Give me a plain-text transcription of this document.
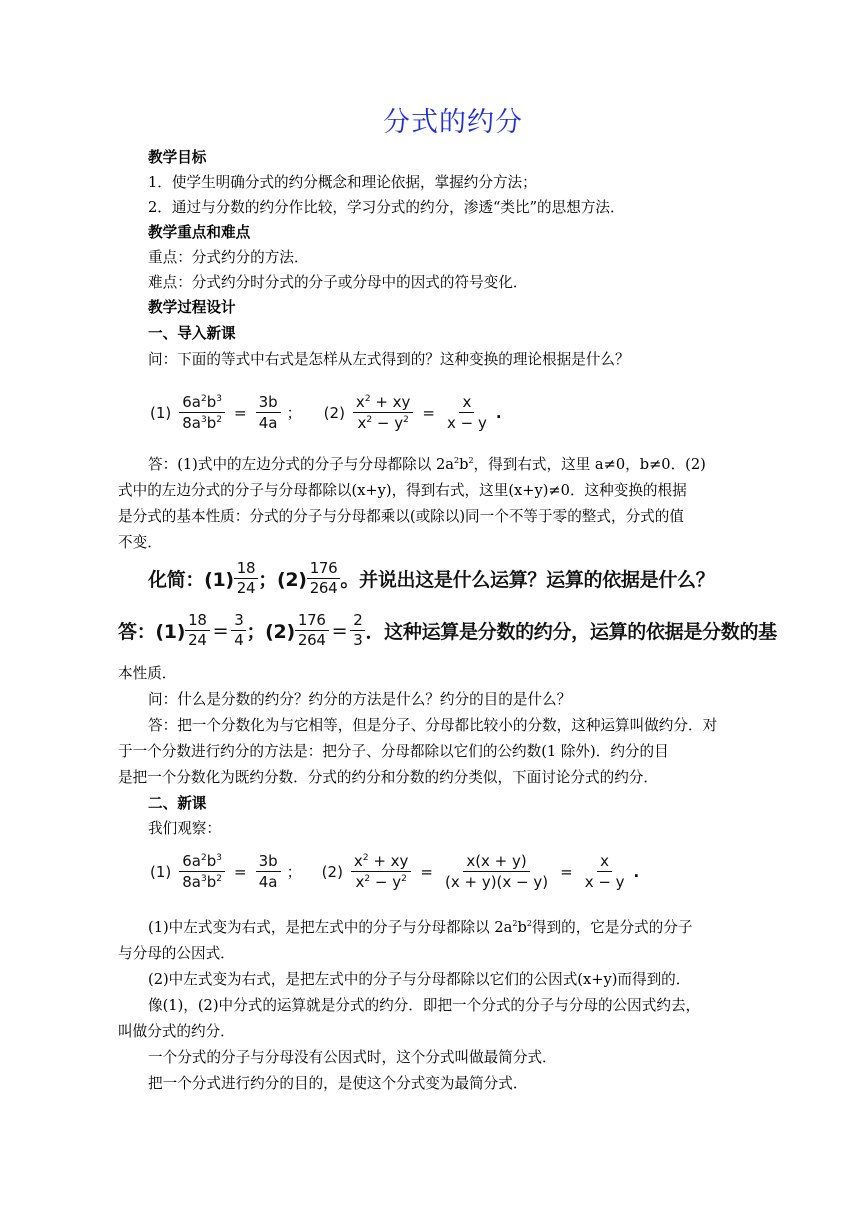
分式的约分
教学目标
1．使学生明确分式的约分概念和理论依据，掌握约分方法；
2．通过与分数的约分作比较，学习分式的约分，渗透“类比”的思想方法．
教学重点和难点
重点：分式约分的方法．
难点：分式约分时分式的分子或分母中的因式的符号变化．
教学过程设计
一、导入新课
问：下面的等式中右式是怎样从左式得到的？这种变换的理论根据是什么？
$(1) \frac{6a^2b^3}{8a^3b^2} = \frac{3b}{4a}$ ； $(2) \frac{x^2 + xy}{x^2 - y^2} = \frac{x}{x - y}$ .
答：(1)式中的左边分式的分子与分母都除以 $2a^2b^2$，得到右式，这里 a≠0，b≠0．(2)
式中的左边分式的分子与分母都除以(x+y)，得到右式，这里(x+y)≠0．这种变换的根据
是分式的基本性质：分式的分子与分母都乘以(或除以)同一个不等于零的整式，分式的值
不变．
化简：$(1) \frac{18}{24}$ ；$(2) \frac{176}{264}$ 。并说出这是什么运算？运算的依据是什么？
答：$(1) \frac{18}{24} = \frac{3}{4}$ ；$(2) \frac{176}{264} = \frac{2}{3}$ ．这种运算是分数的约分，运算的依据是分数的基
本性质．
问：什么是分数的约分？约分的方法是什么？约分的目的是什么？
答：把一个分数化为与它相等，但是分子、分母都比较小的分数，这种运算叫做约分．对
于一个分数进行约分的方法是：把分子、分母都除以它们的公约数(1 除外)．约分的目
是把一个分数化为既约分数．分式的约分和分数的约分类似，下面讨论分式的约分．
二、新课
我们观察：
$(1) \frac{6a^2b^3}{8a^3b^2} = \frac{3b}{4a}$ ； $(2) \frac{x^2 + xy}{x^2 - y^2} = \frac{x(x + y)}{(x + y)(x - y)} = \frac{x}{x - y}$ .
(1)中左式变为右式，是把左式中的分子与分母都除以 $2a^2b^2$得到的，它是分式的分子
与分母的公因式．
(2)中左式变为右式，是把左式中的分子与分母都除以它们的公因式(x+y)而得到的．
像(1)，(2)中分式的运算就是分式的约分．即把一个分式的分子与分母的公因式约去，
叫做分式的约分．
一个分式的分子与分母没有公因式时，这个分式叫做最简分式．
把一个分式进行约分的目的，是使这个分式变为最简分式．
